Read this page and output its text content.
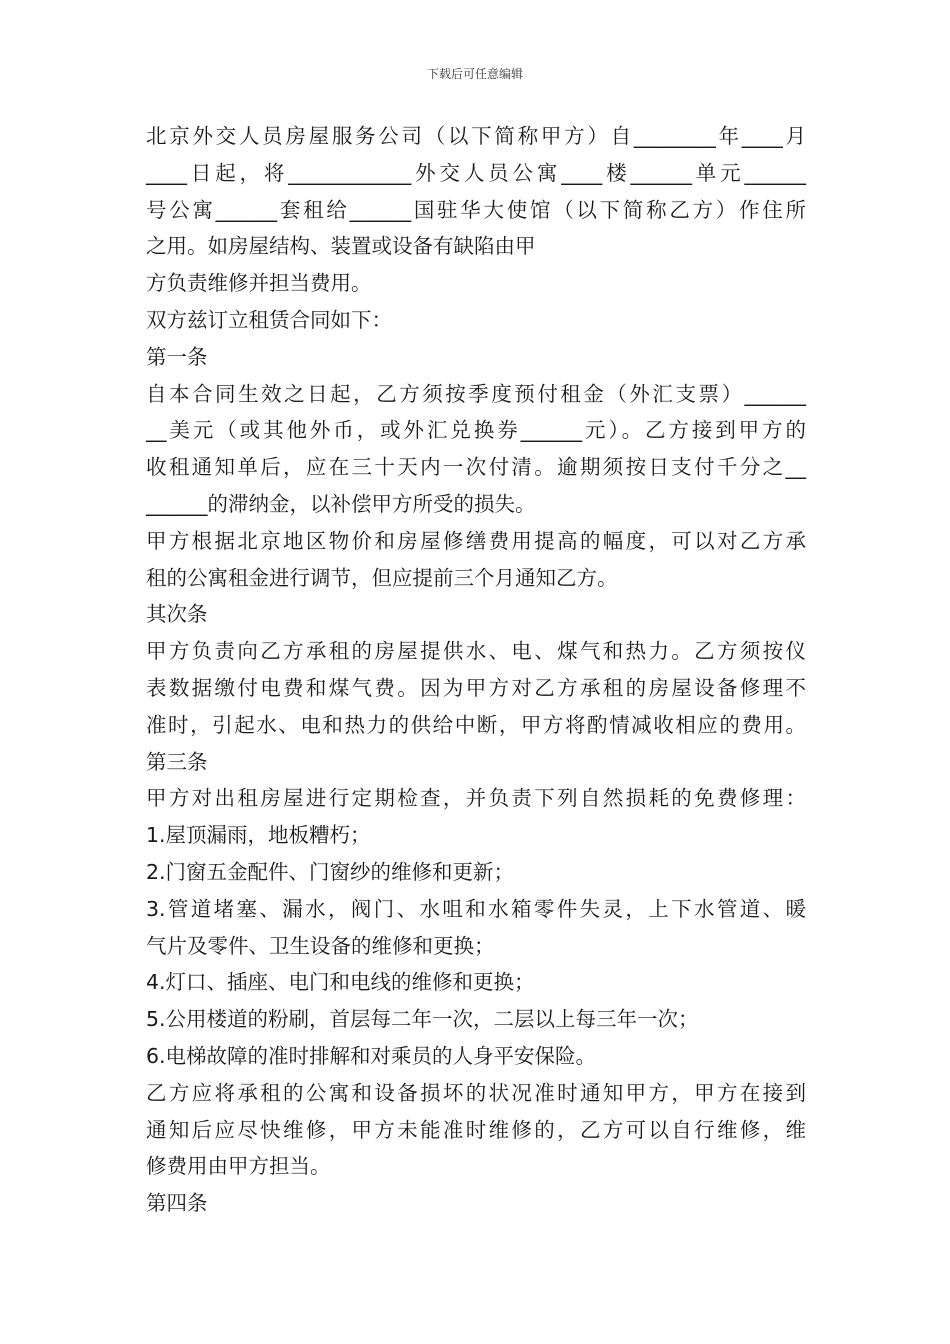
下载后可任意编辑
北京外交人员房屋服务公司（以下简称甲方）自________年____月
____日起，将____________外交人员公寓____楼______单元______
号公寓______套租给______国驻华大使馆（以下简称乙方）作住所
之用。如房屋结构、装置或设备有缺陷由甲
方负责维修并担当费用。
双方兹订立租赁合同如下：
第一条
自本合同生效之日起，乙方须按季度预付租金（外汇支票）______
__美元（或其他外币，或外汇兑换券______元）。乙方接到甲方的
收租通知单后，应在三十天内一次付清。逾期须按日支付千分之__
______的滞纳金，以补偿甲方所受的损失。
甲方根据北京地区物价和房屋修缮费用提高的幅度，可以对乙方承
租的公寓租金进行调节，但应提前三个月通知乙方。
其次条
甲方负责向乙方承租的房屋提供水、电、煤气和热力。乙方须按仪
表数据缴付电费和煤气费。因为甲方对乙方承租的房屋设备修理不
准时，引起水、电和热力的供给中断，甲方将酌情减收相应的费用。
第三条
甲方对出租房屋进行定期检查，并负责下列自然损耗的免费修理：
1.屋顶漏雨，地板糟朽；
2.门窗五金配件、门窗纱的维修和更新；
3.管道堵塞、漏水，阀门、水咀和水箱零件失灵，上下水管道、暖
气片及零件、卫生设备的维修和更换；
4.灯口、插座、电门和电线的维修和更换；
5.公用楼道的粉刷，首层每二年一次，二层以上每三年一次；
6.电梯故障的准时排解和对乘员的人身平安保险。
乙方应将承租的公寓和设备损坏的状况准时通知甲方，甲方在接到
通知后应尽快维修，甲方未能准时维修的，乙方可以自行维修，维
修费用由甲方担当。
第四条
